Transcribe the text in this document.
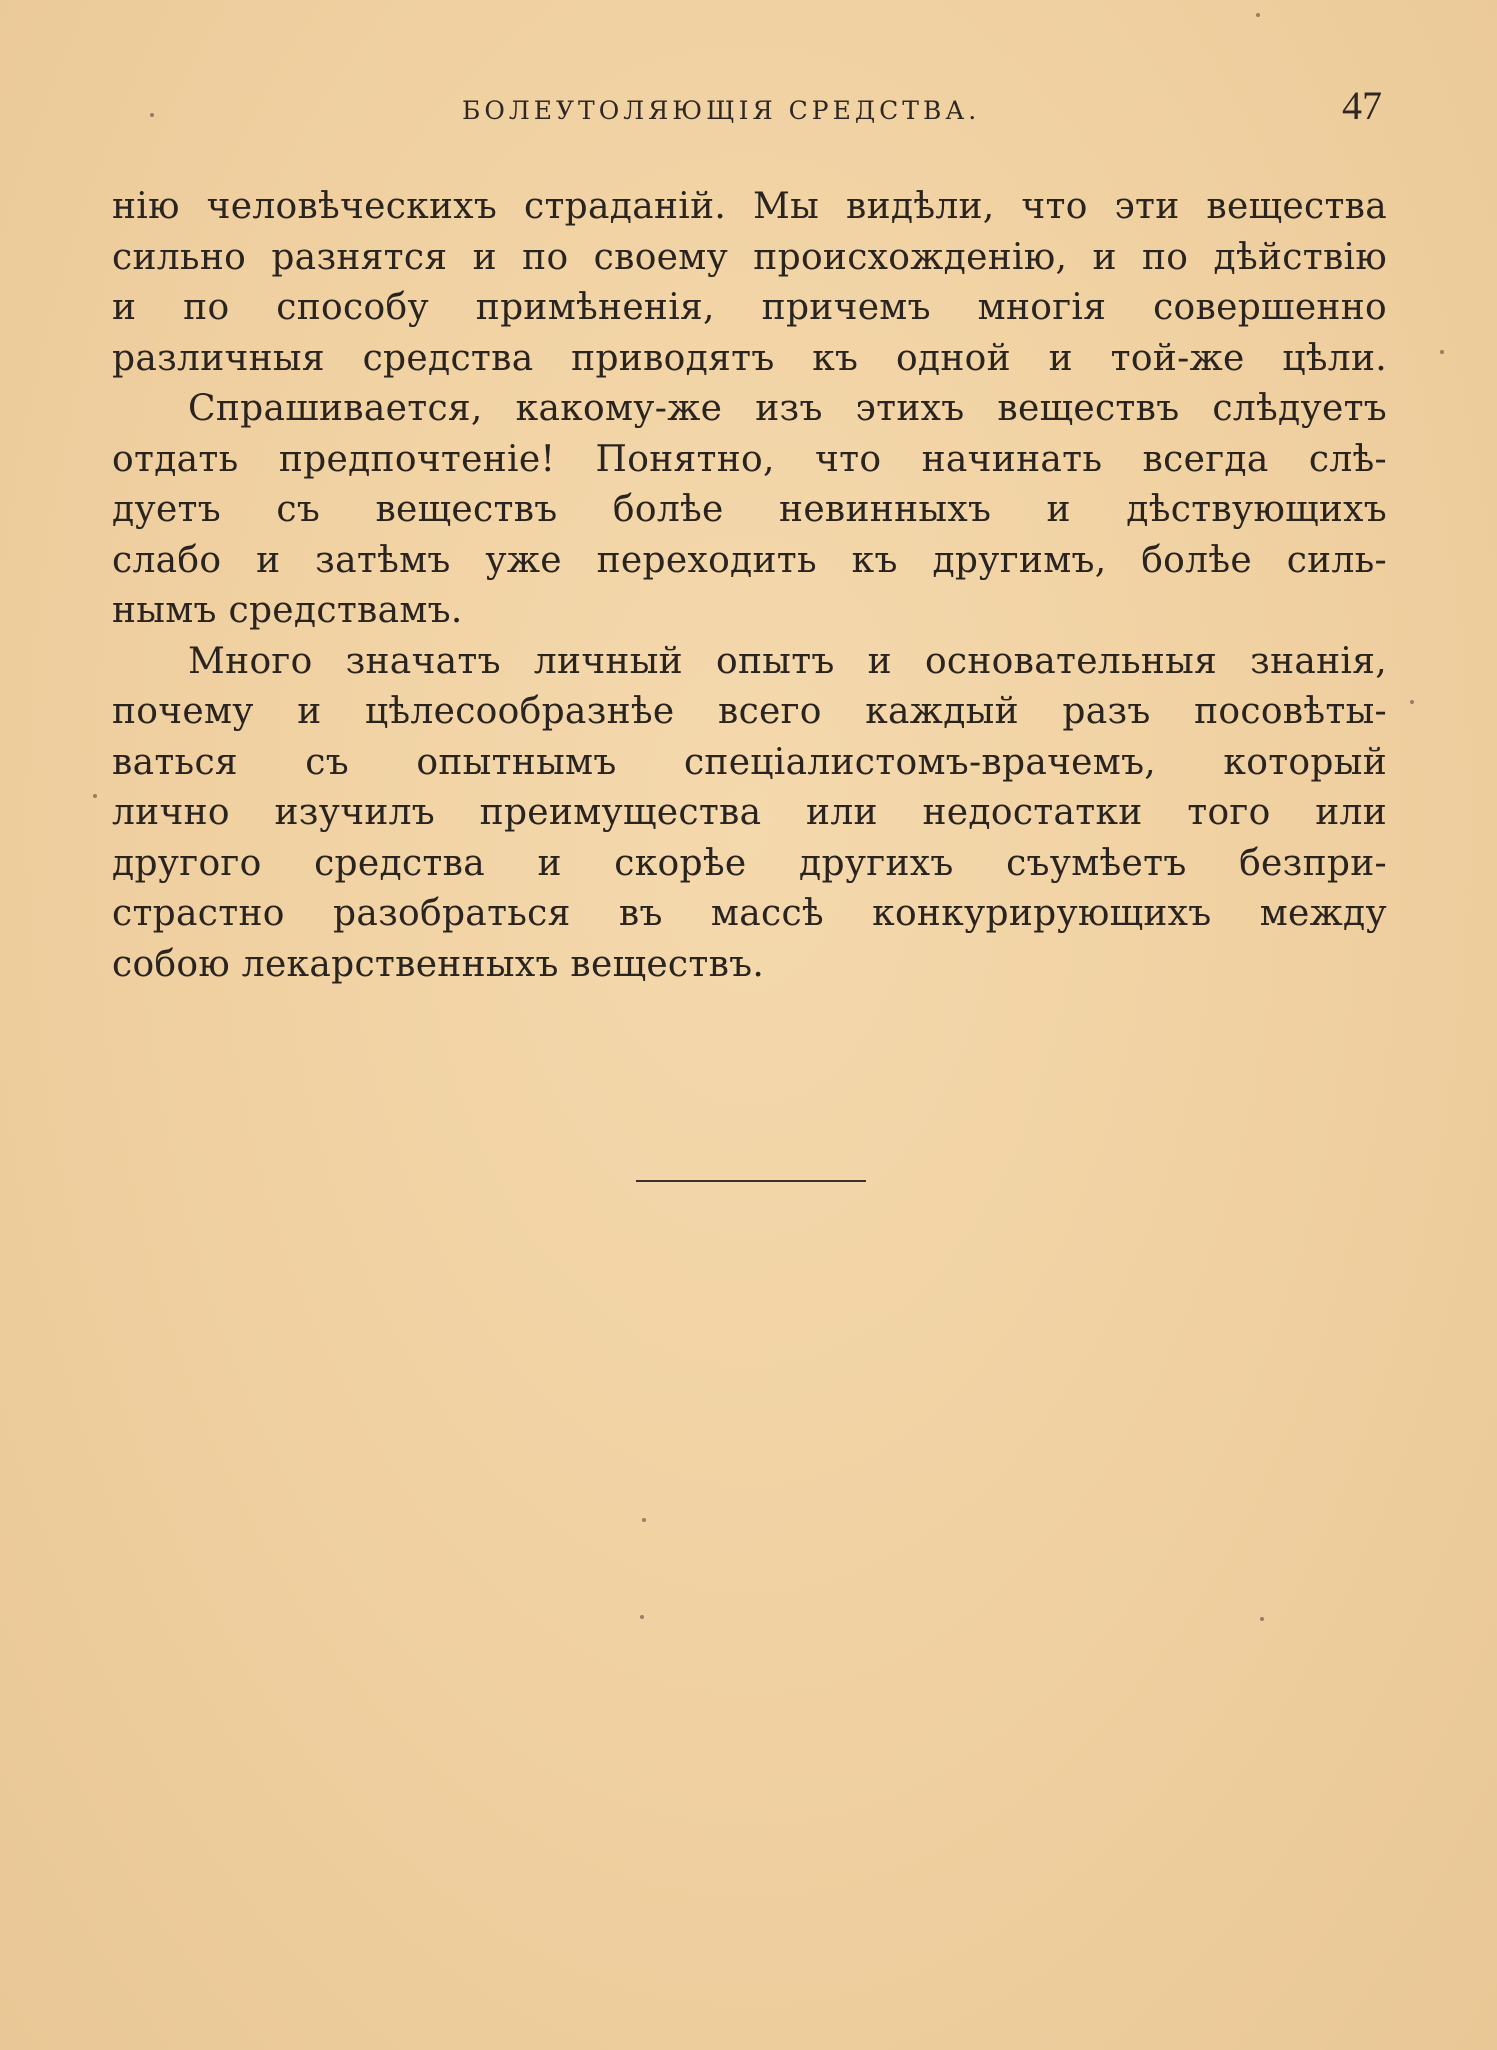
БОЛЕУТОЛЯЮЩІЯ СРЕДСТВА.	47
нію человѣческихъ страданій. Мы видѣли, что эти вещества
сильно разнятся и по своему происхожденію, и по дѣйствію
и по способу примѣненія, причемъ многія совершенно
различныя средства приводятъ къ одной и той-же цѣли.
Спрашивается, какому-же изъ этихъ веществъ слѣдуетъ
отдать предпочтеніе! Понятно, что начинать всегда слѣ-
дуетъ съ веществъ болѣе невинныхъ и дѣствующихъ
слабо и затѣмъ уже переходить къ другимъ, болѣе силь-
нымъ средствамъ.
Много значатъ личный опытъ и основательныя знанія,
почему и цѣлесообразнѣе всего каждый разъ посовѣты-
ваться съ опытнымъ спеціалистомъ-врачемъ, который
лично изучилъ преимущества или недостатки того или
другого средства и скорѣе другихъ съумѣетъ безпри-
страстно разобраться въ массѣ конкурирующихъ между
собою лекарственныхъ веществъ.
